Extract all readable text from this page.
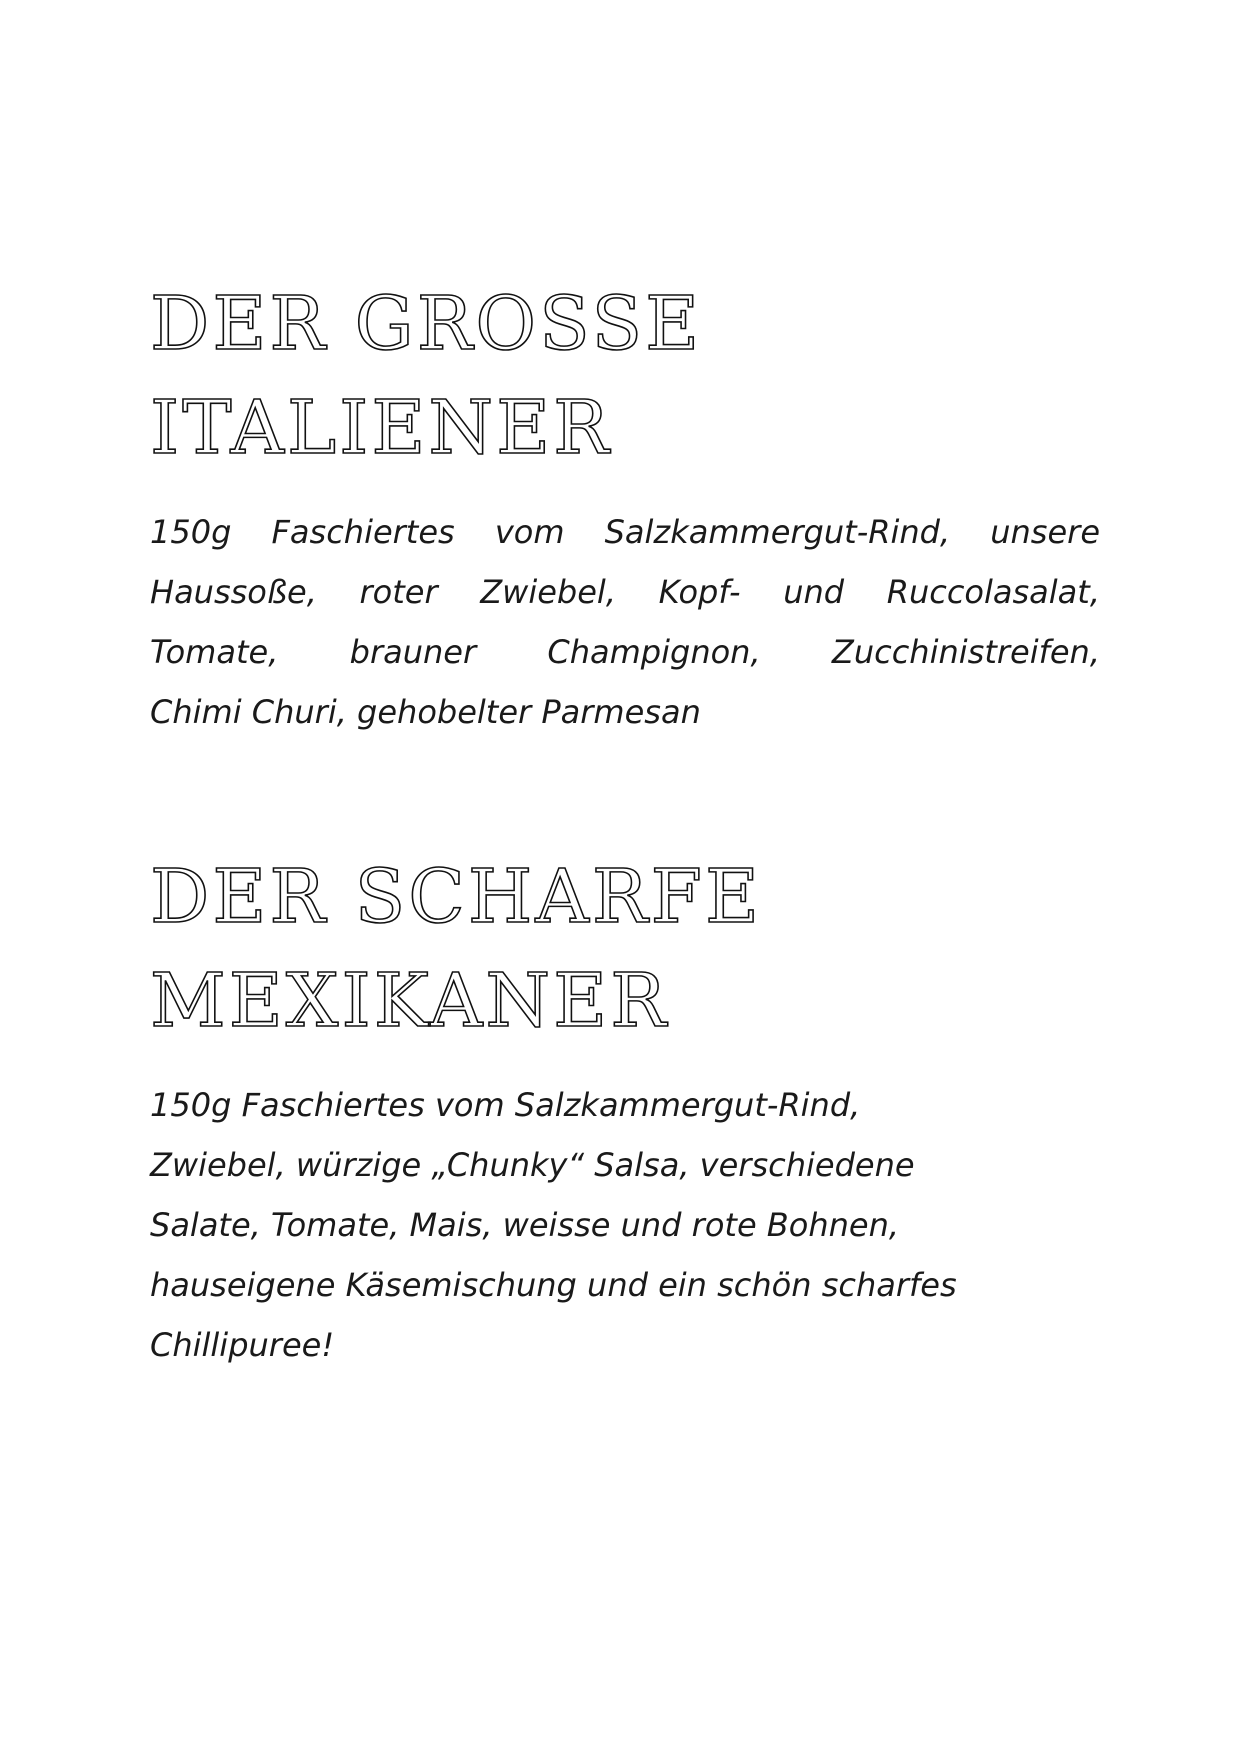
DER GROSSE
ITALIENER

150g Faschiertes vom Salzkammergut-Rind, unsere
Haussoße, roter Zwiebel, Kopf- und Ruccolasalat,
Tomate, brauner Champignon, Zucchinistreifen,
Chimi Churi, gehobelter Parmesan

DER SCHARFE
MEXIKANER

150g Faschiertes vom Salzkammergut-Rind,
Zwiebel, würzige „Chunky“ Salsa, verschiedene
Salate, Tomate, Mais, weisse und rote Bohnen,
hauseigene Käsemischung und ein schön scharfes
Chillipuree!
